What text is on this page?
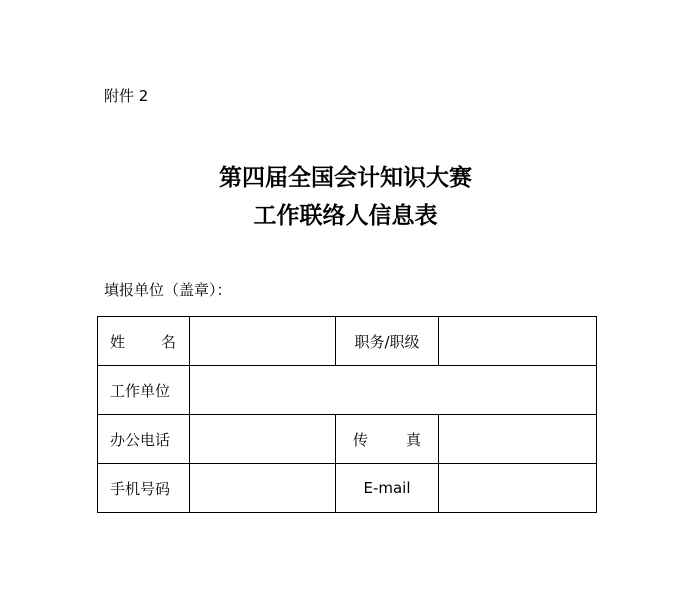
附件 2
第四届全国会计知识大赛
工作联络人信息表
填报单位（盖章）：
姓 名		职务/职级	
工作单位			
办公电话		传 真	
手机号码		E-mail	
